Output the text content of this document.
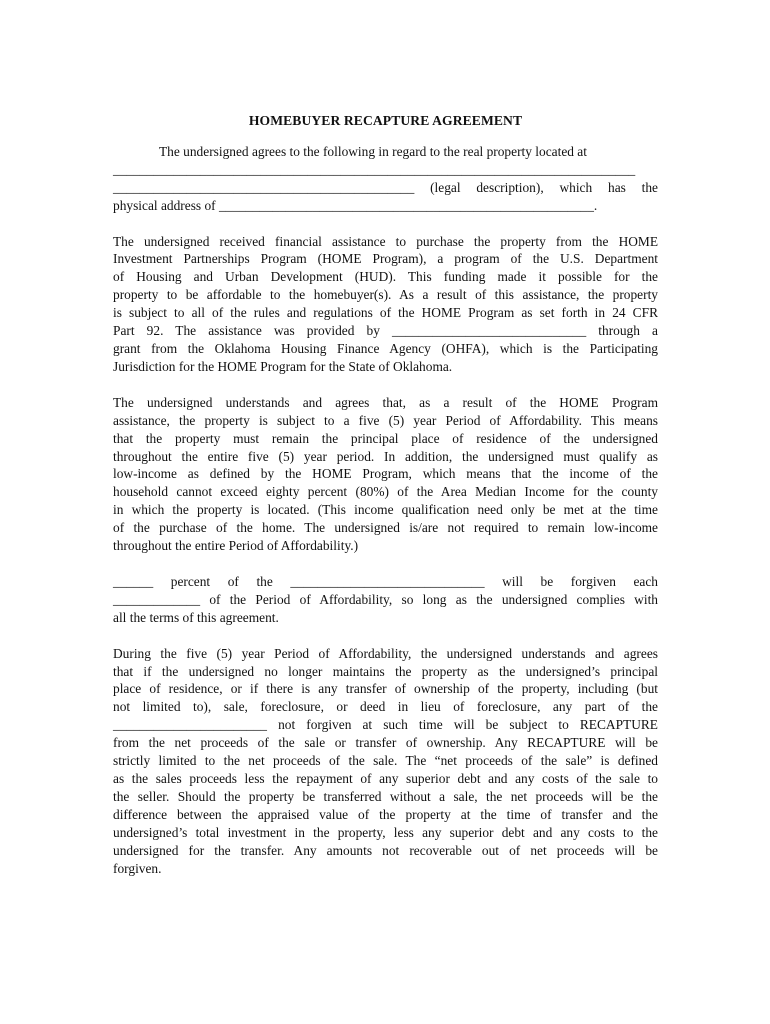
HOMEBUYER RECAPTURE AGREEMENT
The undersigned agrees to the following in regard to the real property located at
______________________________________________________________________________
_____________________________________________ (legal description), which has the
physical address of ________________________________________________________.
The undersigned received financial assistance to purchase the property from the HOME
Investment Partnerships Program (HOME Program), a program of the U.S. Department
of Housing and Urban Development (HUD). This funding made it possible for the
property to be affordable to the homebuyer(s). As a result of this assistance, the property
is subject to all of the rules and regulations of the HOME Program as set forth in 24 CFR
Part 92. The assistance was provided by _____________________________ through a
grant from the Oklahoma Housing Finance Agency (OHFA), which is the Participating
Jurisdiction for the HOME Program for the State of Oklahoma.
The undersigned understands and agrees that, as a result of the HOME Program
assistance, the property is subject to a five (5) year Period of Affordability. This means
that the property must remain the principal place of residence of the undersigned
throughout the entire five (5) year period. In addition, the undersigned must qualify as
low-income as defined by the HOME Program, which means that the income of the
household cannot exceed eighty percent (80%) of the Area Median Income for the county
in which the property is located. (This income qualification need only be met at the time
of the purchase of the home. The undersigned is/are not required to remain low-income
throughout the entire Period of Affordability.)
______ percent of the _____________________________ will be forgiven each
_____________ of the Period of Affordability, so long as the undersigned complies with
all the terms of this agreement.
During the five (5) year Period of Affordability, the undersigned understands and agrees
that if the undersigned no longer maintains the property as the undersigned’s principal
place of residence, or if there is any transfer of ownership of the property, including (but
not limited to), sale, foreclosure, or deed in lieu of foreclosure, any part of the
_______________________ not forgiven at such time will be subject to RECAPTURE
from the net proceeds of the sale or transfer of ownership. Any RECAPTURE will be
strictly limited to the net proceeds of the sale. The “net proceeds of the sale” is defined
as the sales proceeds less the repayment of any superior debt and any costs of the sale to
the seller. Should the property be transferred without a sale, the net proceeds will be the
difference between the appraised value of the property at the time of transfer and the
undersigned’s total investment in the property, less any superior debt and any costs to the
undersigned for the transfer. Any amounts not recoverable out of net proceeds will be
forgiven.
